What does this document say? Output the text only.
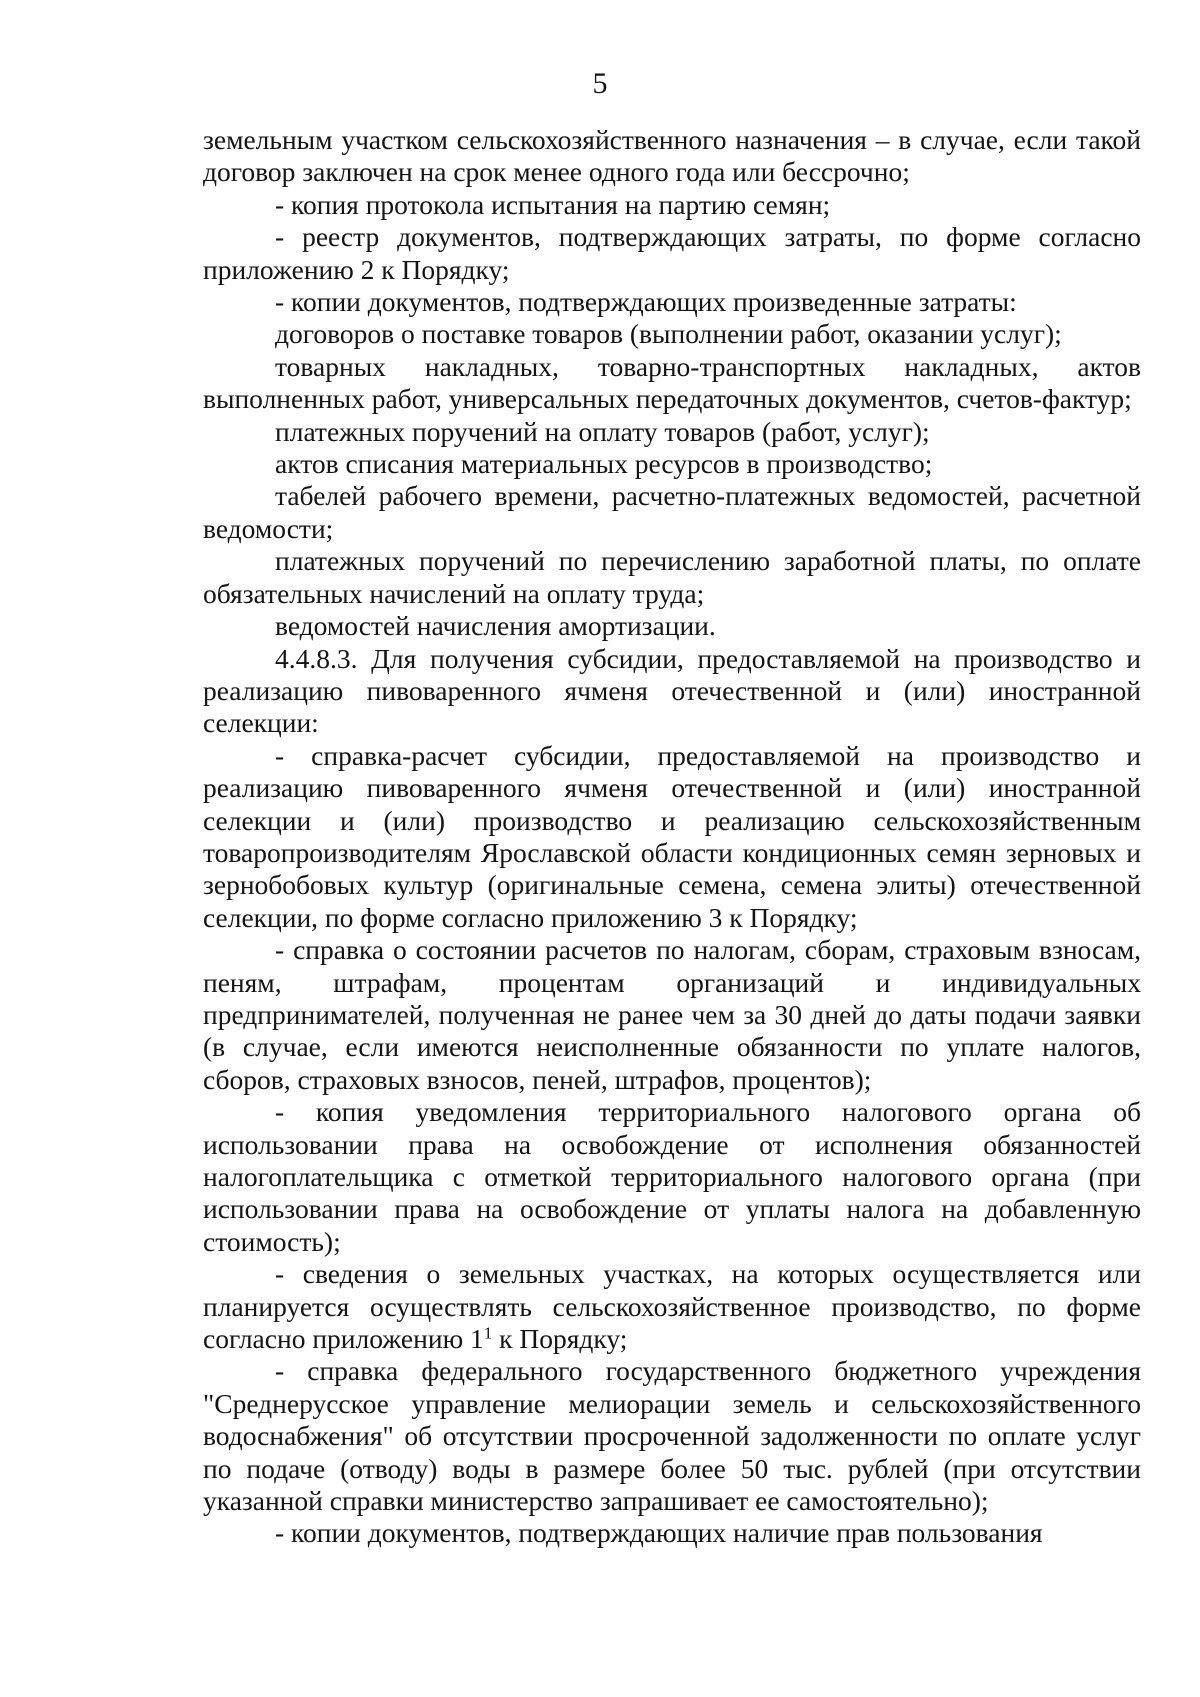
5

земельным участком сельскохозяйственного назначения – в случае, если такой договор заключен на срок менее одного года или бессрочно;

- копия протокола испытания на партию семян;

- реестр документов, подтверждающих затраты, по форме согласно приложению 2 к Порядку;

- копии документов, подтверждающих произведенные затраты:

договоров о поставке товаров (выполнении работ, оказании услуг);

товарных накладных, товарно-транспортных накладных, актов выполненных работ, универсальных передаточных документов, счетов-фактур;

платежных поручений на оплату товаров (работ, услуг);

актов списания материальных ресурсов в производство;

табелей рабочего времени, расчетно-платежных ведомостей, расчетной ведомости;

платежных поручений по перечислению заработной платы, по оплате обязательных начислений на оплату труда;

ведомостей начисления амортизации.

4.4.8.3. Для получения субсидии, предоставляемой на производство и реализацию пивоваренного ячменя отечественной и (или) иностранной селекции:

- справка-расчет субсидии, предоставляемой на производство и реализацию пивоваренного ячменя отечественной и (или) иностранной селекции и (или) производство и реализацию сельскохозяйственным товаропроизводителям Ярославской области кондиционных семян зерновых и зернобобовых культур (оригинальные семена, семена элиты) отечественной селекции, по форме согласно приложению 3 к Порядку;

- справка о состоянии расчетов по налогам, сборам, страховым взносам, пеням, штрафам, процентам организаций и индивидуальных предпринимателей, полученная не ранее чем за 30 дней до даты подачи заявки (в случае, если имеются неисполненные обязанности по уплате налогов, сборов, страховых взносов, пеней, штрафов, процентов);

- копия уведомления территориального налогового органа об использовании права на освобождение от исполнения обязанностей налогоплательщика с отметкой территориального налогового органа (при использовании права на освобождение от уплаты налога на добавленную стоимость);

- сведения о земельных участках, на которых осуществляется или планируется осуществлять сельскохозяйственное производство, по форме согласно приложению $1^1$ к Порядку;

- справка федерального государственного бюджетного учреждения "Среднерусское управление мелиорации земель и сельскохозяйственного водоснабжения" об отсутствии просроченной задолженности по оплате услуг по подаче (отводу) воды в размере более 50 тыс. рублей (при отсутствии указанной справки министерство запрашивает ее самостоятельно);

- копии документов, подтверждающих наличие прав пользования
